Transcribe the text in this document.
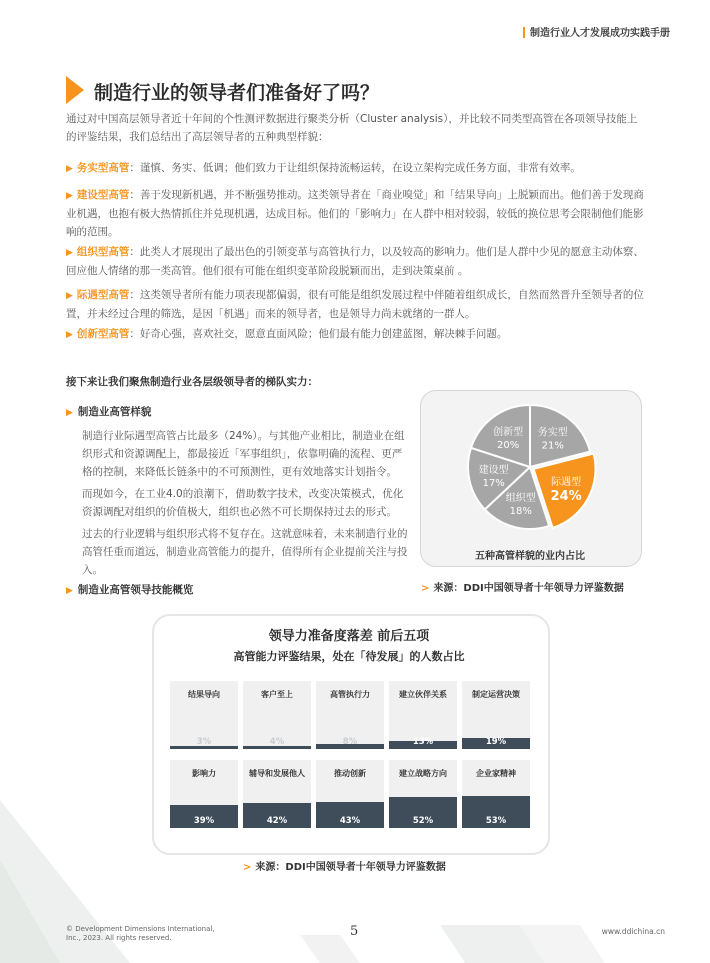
制造行业人才发展成功实践手册
制造行业的领导者们准备好了吗？
通过对中国高层领导者近十年间的个性测评数据进行聚类分析（Cluster analysis），并比较不同类型高管在各项领导技能上的评鉴结果，我们总结出了高层领导者的五种典型样貌：
▶ 务实型高管：谨慎、务实、低调；他们致力于让组织保持流畅运转，在设立架构完成任务方面，非常有效率。
▶ 建设型高管：善于发现新机遇，并不断强势推动。这类领导者在「商业嗅觉」和「结果导向」上脱颖而出。他们善于发现商业机遇，也抱有极大热情抓住并兑现机遇，达成目标。他们的「影响力」在人群中相对较弱，较低的换位思考会限制他们能影响的范围。
▶ 组织型高管：此类人才展现出了最出色的引领变革与高管执行力，以及较高的影响力。他们是人群中少见的愿意主动体察、回应他人情绪的那一类高管。他们很有可能在组织变革阶段脱颖而出，走到决策桌前 。
▶ 际遇型高管：这类领导者所有能力项表现都偏弱，很有可能是组织发展过程中伴随着组织成长，自然而然晋升至领导者的位置，并未经过合理的筛选，是因「机遇」而来的领导者，也是领导力尚未就绪的一群人。
▶ 创新型高管：好奇心强，喜欢社交，愿意直面风险；他们最有能力创建蓝图，解决棘手问题。
接下来让我们聚焦制造行业各层级领导者的梯队实力：
▶ 制造业高管样貌
制造行业际遇型高管占比最多（24%）。与其他产业相比，制造业在组织形式和资源调配上，都最接近「军事组织」，依靠明确的流程、更严格的控制，来降低长链条中的不可预测性，更有效地落实计划指令。
而现如今，在工业4.0的浪潮下，借助数字技术，改变决策模式，优化资源调配对组织的价值极大，组织也必然不可长期保持过去的形式。
过去的行业逻辑与组织形式将不复存在。这就意味着，未来制造行业的高管任重而道远，制造业高管能力的提升，值得所有企业提前关注与投入。
务实型
21%
际遇型
24%
组织型
18%
建设型
17%
创新型
20%
五种高管样貌的业内占比
▶ 制造业高管领导技能概览	> 来源：DDI中国领导者十年领导力评鉴数据
领导力准备度落差 前后五项
高管能力评鉴结果，处在「待发展」的人数占比
结果导向
3%
客户至上
4%
高管执行力
8%
建立伙伴关系
13%
制定运营决策
19%
影响力
39%
辅导和发展他人
42%
推动创新
43%
建立战略方向
52%
企业家精神
53%
> 来源：DDI中国领导者十年领导力评鉴数据
© Development Dimensions International, Inc., 2023. All rights reserved.	5	www.ddichina.cn
